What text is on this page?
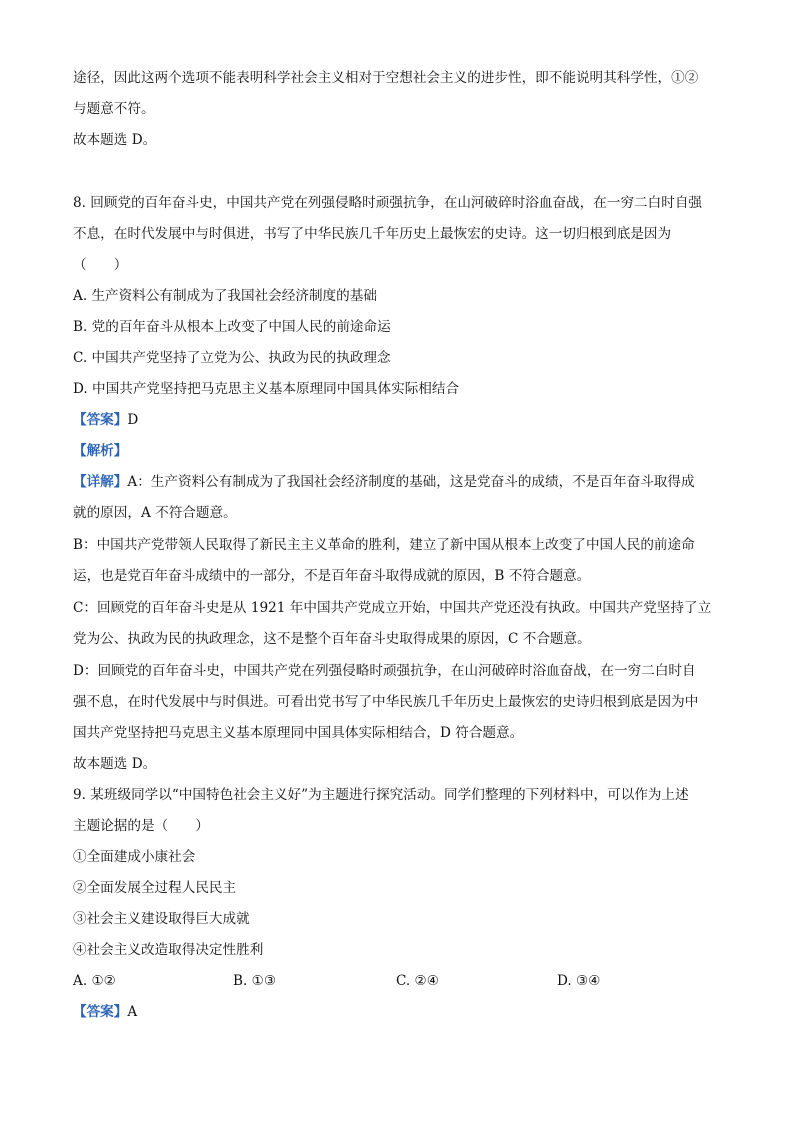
途径，因此这两个选项不能表明科学社会主义相对于空想社会主义的进步性，即不能说明其科学性，①②
与题意不符。
故本题选 D。
8. 回顾党的百年奋斗史，中国共产党在列强侵略时顽强抗争，在山河破碎时浴血奋战，在一穷二白时自强
不息，在时代发展中与时俱进，书写了中华民族几千年历史上最恢宏的史诗。这一切归根到底是因为
（　　）
A. 生产资料公有制成为了我国社会经济制度的基础
B. 党的百年奋斗从根本上改变了中国人民的前途命运
C. 中国共产党坚持了立党为公、执政为民的执政理念
D. 中国共产党坚持把马克思主义基本原理同中国具体实际相结合
【答案】D
【解析】
【详解】A：生产资料公有制成为了我国社会经济制度的基础，这是党奋斗的成绩，不是百年奋斗取得成
就的原因，A 不符合题意。
B：中国共产党带领人民取得了新民主主义革命的胜利，建立了新中国从根本上改变了中国人民的前途命
运，也是党百年奋斗成绩中的一部分，不是百年奋斗取得成就的原因，B 不符合题意。
C：回顾党的百年奋斗史是从 1921 年中国共产党成立开始，中国共产党还没有执政。中国共产党坚持了立
党为公、执政为民的执政理念，这不是整个百年奋斗史取得成果的原因，C 不合题意。
D：回顾党的百年奋斗史，中国共产党在列强侵略时顽强抗争，在山河破碎时浴血奋战，在一穷二白时自
强不息，在时代发展中与时俱进。可看出党书写了中华民族几千年历史上最恢宏的史诗归根到底是因为中
国共产党坚持把马克思主义基本原理同中国具体实际相结合，D 符合题意。
故本题选 D。
9. 某班级同学以“中国特色社会主义好”为主题进行探究活动。同学们整理的下列材料中，可以作为上述
主题论据的是（　　）
①全面建成小康社会
②全面发展全过程人民民主
③社会主义建设取得巨大成就
④社会主义改造取得决定性胜利
A. ①②	B. ①③	C. ②④	D. ③④
【答案】A
